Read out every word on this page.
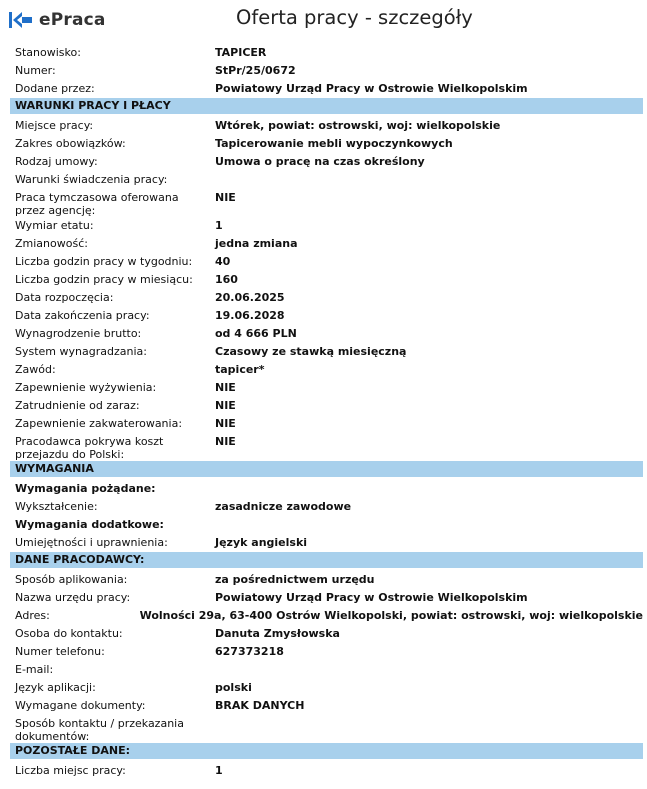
ePraca	Oferta pracy - szczegóły
Stanowisko:	TAPICER
Numer:	StPr/25/0672
Dodane przez:	Powiatowy Urząd Pracy w Ostrowie Wielkopolskim
WARUNKI PRACY I PŁACY
Miejsce pracy:	Wtórek, powiat: ostrowski, woj: wielkopolskie
Zakres obowiązków:	Tapicerowanie mebli wypoczynkowych
Rodzaj umowy:	Umowa o pracę na czas określony
Warunki świadczenia pracy:
Praca tymczasowa oferowana przez agencję:
NIE
Wymiar etatu:	1
Zmianowość:	jedna zmiana
Liczba godzin pracy w tygodniu:	40
Liczba godzin pracy w miesiącu:	160
Data rozpoczęcia:	20.06.2025
Data zakończenia pracy:	19.06.2028
Wynagrodzenie brutto:	od 4 666 PLN
System wynagradzania:	Czasowy ze stawką miesięczną
Zawód:	tapicer*
Zapewnienie wyżywienia:	NIE
Zatrudnienie od zaraz:	NIE
Zapewnienie zakwaterowania:	NIE
Pracodawca pokrywa koszt przejazdu do Polski:
NIE
WYMAGANIA
Wymagania pożądane:
Wykształcenie:	zasadnicze zawodowe
Wymagania dodatkowe:
Umiejętności i uprawnienia:	Język angielski
DANE PRACODAWCY:
Sposób aplikowania:	za pośrednictwem urzędu
Nazwa urzędu pracy:	Powiatowy Urząd Pracy w Ostrowie Wielkopolskim
Adres:	Wolności 29a, 63-400 Ostrów Wielkopolski, powiat: ostrowski, woj: wielkopolskie
Osoba do kontaktu:	Danuta Zmysłowska
Numer telefonu:	627373218
E-mail:
Język aplikacji:	polski
Wymagane dokumenty:	BRAK DANYCH
Sposób kontaktu / przekazania dokumentów:
POZOSTAŁE DANE:
Liczba miejsc pracy:	1
